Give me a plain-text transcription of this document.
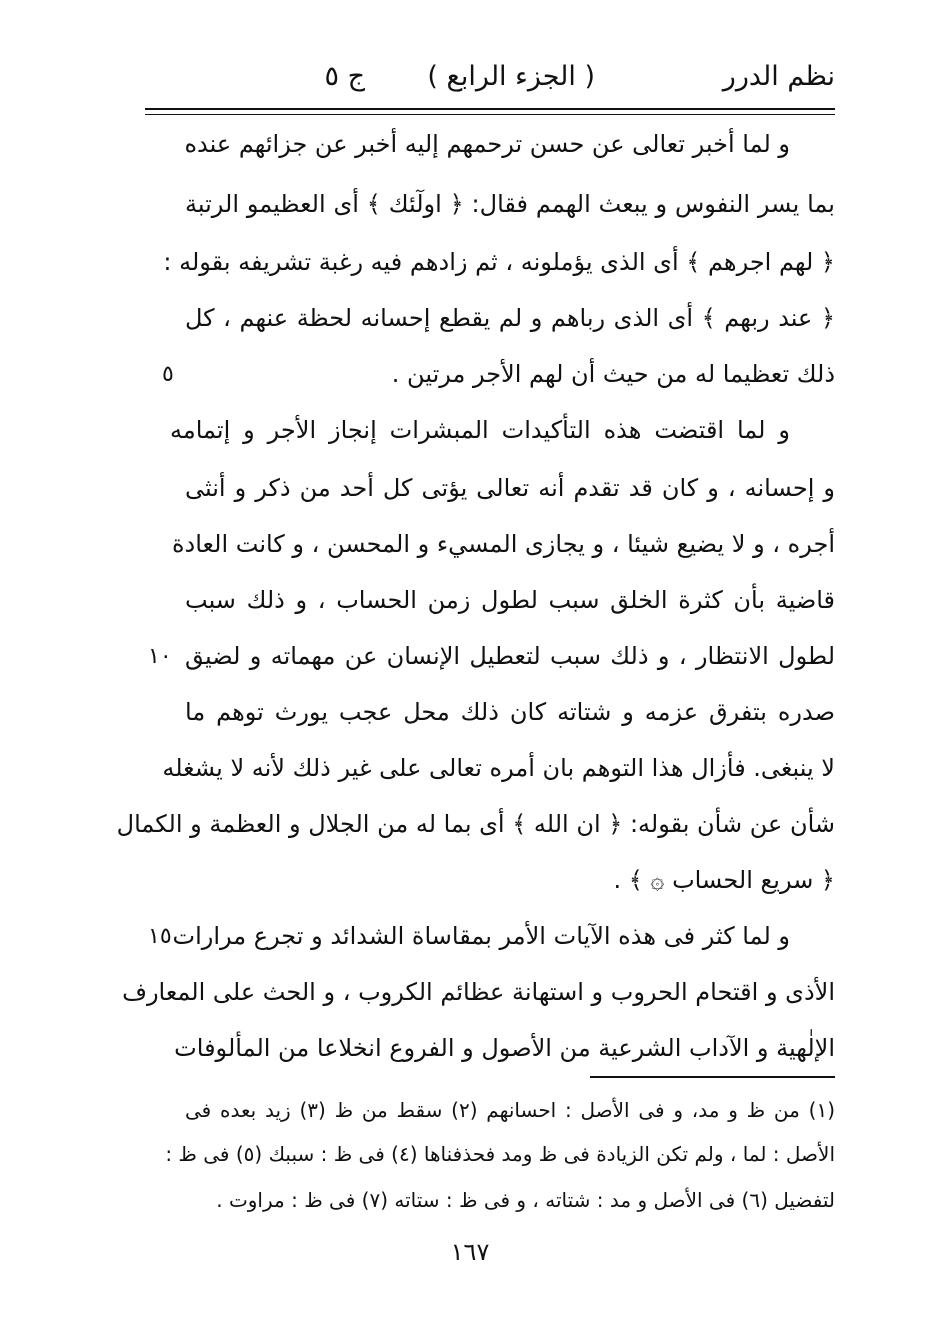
نظم الدرر
( الجزء الرابع )
ج ٥
و لما أخبر تعالى عن حسن ترحمهم إليه أخبر عن جزائهم عنده
بما يسر النفوس و يبعث الهمم فقال: ﴿ اولٓئك ﴾ أى العظيمو الرتبة
﴿ لهم اجرهم ﴾ أى الذى يؤملونه ، ثم زادهم فيه رغبة تشريفه بقوله :
﴿ عند ربهم ﴾ أى الذى رباهم و لم يقطع إحسانه لحظة عنهم ، كل
ذلك تعظيما له من حيث أن لهم الأجر مرتين .
و لما اقتضت هذه التأكيدات المبشرات إنجاز الأجر و إتمامه
و إحسانه ، و كان قد تقدم أنه تعالى يؤتى كل أحد من ذكر و أنثى
أجره ، و لا يضيع شيئا ، و يجازى المسيء و المحسن ، و كانت العادة
قاضية بأن كثرة الخلق سبب لطول زمن الحساب ، و ذلك سبب
لطول الانتظار ، و ذلك سبب لتعطيل الإنسان عن مهماته و لضيق
صدره بتفرق عزمه و شتاته كان ذلك محل عجب يورث توهم ما
لا ينبغى. فأزال هذا التوهم بان أمره تعالى على غير ذلك لأنه لا يشغله
شأن عن شأن بقوله: ﴿ ان الله ﴾ أى بما له من الجلال و العظمة و الكمال
﴿ سريع الحساب ۞ ﴾ .
و لما كثر فى هذه الآيات الأمر بمقاساة الشدائد و تجرع مرارات
الأذى و اقتحام الحروب و استهانة عظائم الكروب ، و الحث على المعارف
الإلٰهية و الآداب الشرعية من الأصول و الفروع انخلاعا من المألوفات
٥
١٠
١٥
(١) من ظ و مد، و فى الأصل : احسانهم (٢) سقط من ظ (٣) زيد بعده فى
الأصل : لما ، ولم تكن الزيادة فى ظ ومد فحذفناها (٤) فى ظ : سببك (٥) فى ظ :
لتفضيل (٦) فى الأصل و مد : شتاته ، و فى ظ : ستاته (٧) فى ظ : مراوت .
١٦٧
